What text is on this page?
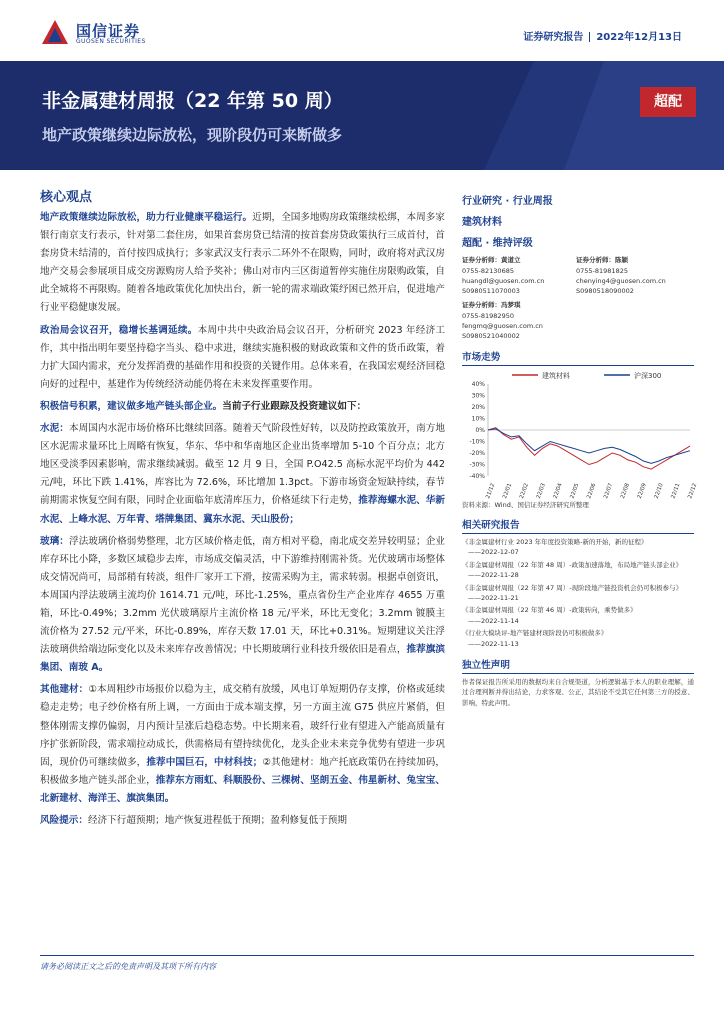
国信证券
GUOSEN SECURITIES	证券研究报告 2022年12月13日
非金属建材周报（22 年第 50 周）
地产政策继续边际放松，现阶段仍可来断做多
超配
核心观点

地产政策继续边际放松，助力行业健康平稳运行。近期，全国多地购房政策继续松绑，本周多家银行南京支行表示，针对第二套住房，如果首套房贷已结清的按首套房贷政策执行三成首付，首套房贷未结清的，首付按四成执行；多家武汉支行表示二环外不在限购，同时，政府将对武汉房地产交易会参展项目成交房源购房人给予奖补；佛山对市内三区街道暂停实施住房限购政策，自此全城将不再限购。随着各地政策优化加快出台，新一轮的需求端政策纾困已然开启，促进地产行业平稳健康发展。

政治局会议召开，稳增长基调延续。本周中共中央政治局会议召开，分析研究 2023 年经济工作，其中指出明年要坚持稳字当头、稳中求进，继续实施积极的财政政策和文件的货币政策，着力扩大国内需求，充分发挥消费的基础作用和投资的关键作用。总体来看，在我国宏观经济回稳向好的过程中，基建作为传统经济动能仍将在未来发挥重要作用。

积极信号积累，建议做多地产链头部企业。当前子行业跟踪及投资建议如下：

水泥：本周国内水泥市场价格环比继续回落。随着天气阶段性好转，以及防控政策放开，南方地区水泥需求量环比上周略有恢复，华东、华中和华南地区企业出货率增加 5-10 个百分点；北方地区受淡季因素影响，需求继续减弱。截至 12 月 9 日，全国 P.O42.5 高标水泥平均价为 442 元/吨，环比下跌 1.41%，库容比为 72.6%，环比增加 1.3pct。下游市场资金短缺持续，春节前期需求恢复空间有限，同时企业面临年底清库压力，价格延续下行走势，推荐海螺水泥、华新水泥、上峰水泥、万年青、塔牌集团、冀东水泥、天山股份；

玻璃：浮法玻璃价格弱势整理，北方区域价格走低，南方相对平稳，南北成交差异较明显；企业库存环比小降，多数区域稳步去库，市场成交偏灵活，中下游维持刚需补货。光伏玻璃市场整体成交情况尚可，局部稍有转淡，组件厂家开工下滑，按需采购为主，需求转弱。根据卓创资讯，本周国内浮法玻璃主流均价 1614.71 元/吨，环比-1.25%，重点省份生产企业库存 4655 万重箱，环比-0.49%；3.2mm 光伏玻璃原片主流价格 18 元/平米，环比无变化；3.2mm 镀膜主流价格为 27.52 元/平米，环比-0.89%，库存天数 17.01 天，环比+0.31%。短期建议关注浮法玻璃供给端边际变化以及未来库存改善情况；中长期玻璃行业科技升级依旧是看点，推荐旗滨集团、南玻 A。

其他建材：①本周粗纱市场报价以稳为主，成交稍有放缓，风电订单短期仍存支撑，价格或延续稳走走势；电子纱价格有所上调，一方面由于成本端支撑，另一方面主流 G75 供应片紧俏，但整体刚需支撑仍偏弱，月内预计呈涨后趋稳态势。中长期来看，玻纤行业有望进入产能高质量有序扩张新阶段，需求端拉动成长，供需格局有望持续优化，龙头企业未来竞争优势有望进一步巩固，现价仍可继续做多，推荐中国巨石，中材科技；②其他建材：地产托底政策仍在持续加码，积极做多地产链头部企业，推荐东方雨虹、科顺股份、三棵树、坚朗五金、伟星新材、兔宝宝、北新建材、海洋王、旗滨集团。

风险提示：经济下行超预期；地产恢复进程低于预期；盈利修复低于预期

行业研究 · 行业周报
建筑材料
超配 · 维持评级
证券分析师：黄道立
0755-82130685
huangdl@guosen.com.cn
S0980511070003
证券分析师：陈颖
0755-81981825
chenying4@guosen.com.cn
S0980518090002
证券分析师：冯梦琪
0755-81982950
fengmq@guosen.com.cn
S0980521040002
市场走势
建筑材料	沪深300
40%
30%
20%
10%
0%
-10%
-20%
-30%
-40%
21/12 22/01 22/02 22/03 22/04 22/05 22/06 22/07 22/08 22/09 22/10 22/11 22/12
资料来源：Wind、国信证券经济研究所整理
相关研究报告
《非金属建材行业 2023 年年度投资策略-新的开始，新的征程》
——2022-12-07
《非金属建材周报（22 年第 48 周）-政策加速落地，布局地产链头部企业》
——2022-11-28
《非金属建材周报（22 年第 47 周）-现阶段地产链投资机会仍可积极参与》
——2022-11-21
《非金属建材周报（22 年第 46 周）-政策转向，乘势做多》
——2022-11-14
《行业大模块评-地产链建材现阶段仍可积极做多》
——2022-11-13
独立性声明
作者保证报告所采用的数据均来自合规渠道，分析逻辑基于本人的职业理解，通过合理判断并得出结论，力求客观、公正，其结论不受其它任何第三方的授意、影响，特此声明。
请务必阅读正文之后的免责声明及其项下所有内容
